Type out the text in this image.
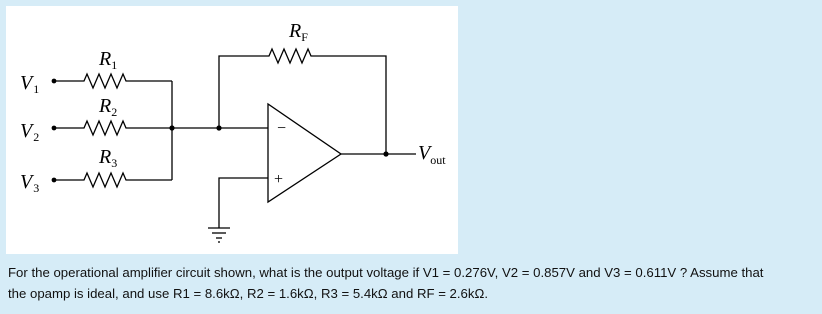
−
+
$V_1$
$V_2$
$V_3$
$R_1$
$R_2$
$R_3$
$R_F$
$V_{out}$
For the operational amplifier circuit shown, what is the output voltage if V1 = 0.276V, V2 = 0.857V and V3 = 0.611V ? Assume that
the opamp is ideal, and use R1 = 8.6kΩ, R2 = 1.6kΩ, R3 = 5.4kΩ and RF = 2.6kΩ.
